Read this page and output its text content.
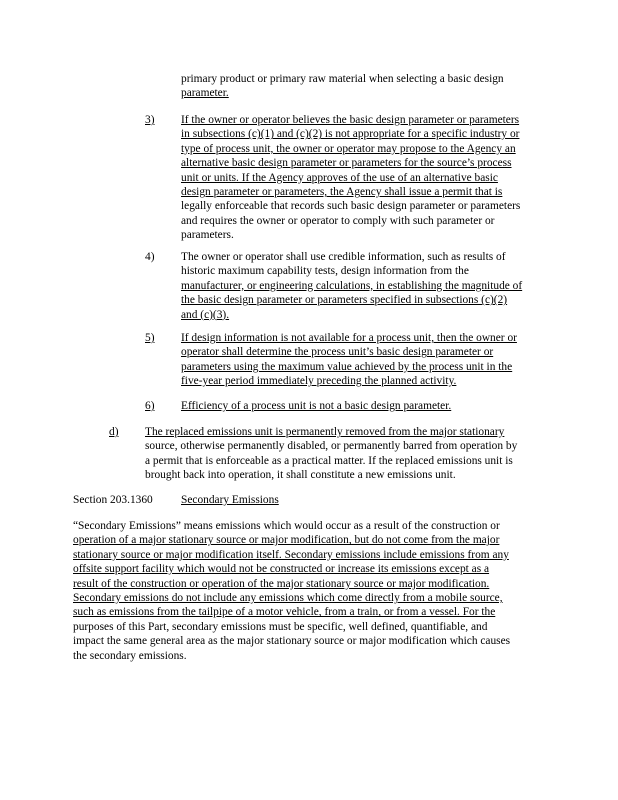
primary product or primary raw material when selecting a basic design
parameter.
3) If the owner or operator believes the basic design parameter or parameters
in subsections (c)(1) and (c)(2) is not appropriate for a specific industry or
type of process unit, the owner or operator may propose to the Agency an
alternative basic design parameter or parameters for the source’s process
unit or units. If the Agency approves of the use of an alternative basic
design parameter or parameters, the Agency shall issue a permit that is
legally enforceable that records such basic design parameter or parameters
and requires the owner or operator to comply with such parameter or
parameters.
4) The owner or operator shall use credible information, such as results of
historic maximum capability tests, design information from the
manufacturer, or engineering calculations, in establishing the magnitude of
the basic design parameter or parameters specified in subsections (c)(2)
and (c)(3).
5) If design information is not available for a process unit, then the owner or
operator shall determine the process unit’s basic design parameter or
parameters using the maximum value achieved by the process unit in the
five-year period immediately preceding the planned activity.
6) Efficiency of a process unit is not a basic design parameter.
d) The replaced emissions unit is permanently removed from the major stationary
source, otherwise permanently disabled, or permanently barred from operation by
a permit that is enforceable as a practical matter. If the replaced emissions unit is
brought back into operation, it shall constitute a new emissions unit.
Section 203.1360 Secondary Emissions
“Secondary Emissions” means emissions which would occur as a result of the construction or
operation of a major stationary source or major modification, but do not come from the major
stationary source or major modification itself. Secondary emissions include emissions from any
offsite support facility which would not be constructed or increase its emissions except as a
result of the construction or operation of the major stationary source or major modification.
Secondary emissions do not include any emissions which come directly from a mobile source,
such as emissions from the tailpipe of a motor vehicle, from a train, or from a vessel. For the
purposes of this Part, secondary emissions must be specific, well defined, quantifiable, and
impact the same general area as the major stationary source or major modification which causes
the secondary emissions.
